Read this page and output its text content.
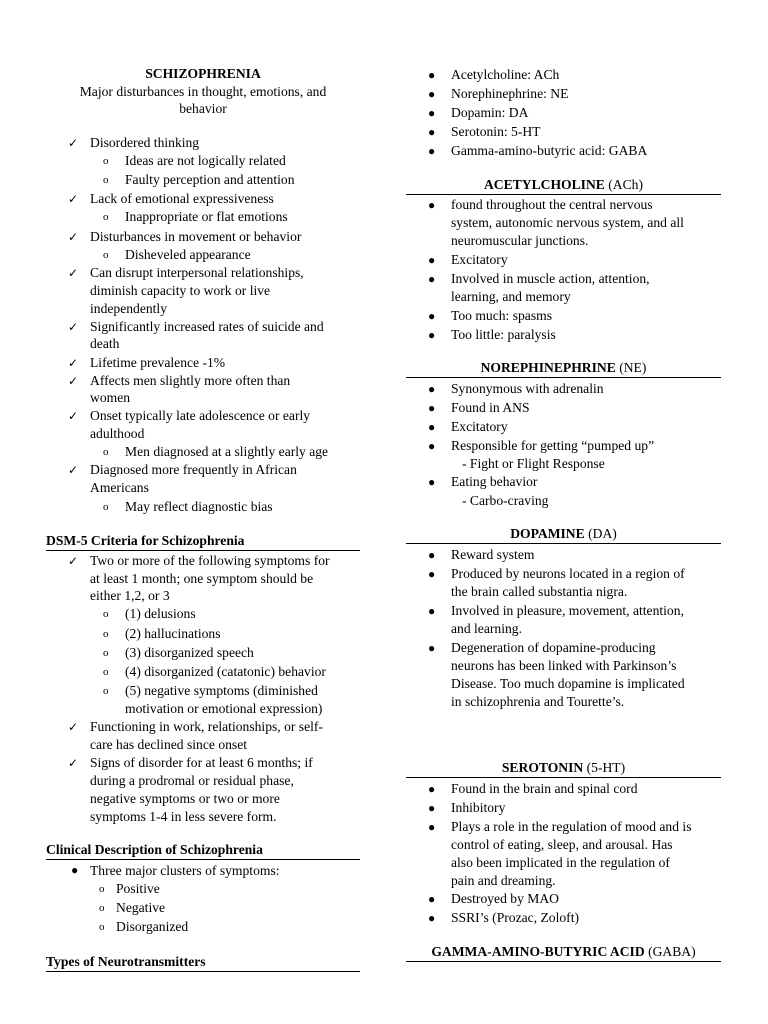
SCHIZOPHRENIA
Major disturbances in thought, emotions, and
behavior
✓ Disordered thinking
o Ideas are not logically related
o Faulty perception and attention
✓ Lack of emotional expressiveness
o Inappropriate or flat emotions
✓ Disturbances in movement or behavior
o Disheveled appearance
✓ Can disrupt interpersonal relationships,
diminish capacity to work or live
independently
✓ Significantly increased rates of suicide and
death
✓ Lifetime prevalence -1%
✓ Affects men slightly more often than
women
✓ Onset typically late adolescence or early
adulthood
o Men diagnosed at a slightly early age
✓ Diagnosed more frequently in African
Americans
o May reflect diagnostic bias
DSM-5 Criteria for Schizophrenia
✓ Two or more of the following symptoms for
at least 1 month; one symptom should be
either 1,2, or 3
o (1) delusions
o (2) hallucinations
o (3) disorganized speech
o (4) disorganized (catatonic) behavior
o (5) negative symptoms (diminished
motivation or emotional expression)
✓ Functioning in work, relationships, or self-
care has declined since onset
✓ Signs of disorder for at least 6 months; if
during a prodromal or residual phase,
negative symptoms or two or more
symptoms 1-4 in less severe form.
Clinical Description of Schizophrenia
● Three major clusters of symptoms:
o Positive
o Negative
o Disorganized
Types of Neurotransmitters
● Acetylcholine: ACh
● Norephinephrine: NE
● Dopamin: DA
● Serotonin: 5-HT
● Gamma-amino-butyric acid: GABA
ACETYLCHOLINE (ACh)
● found throughout the central nervous
system, autonomic nervous system, and all
neuromuscular junctions.
● Excitatory
● Involved in muscle action, attention,
learning, and memory
● Too much: spasms
● Too little: paralysis
NOREPHINEPHRINE (NE)
● Synonymous with adrenalin
● Found in ANS
● Excitatory
● Responsible for getting “pumped up”
- Fight or Flight Response
● Eating behavior
- Carbo-craving
DOPAMINE (DA)
● Reward system
● Produced by neurons located in a region of
the brain called substantia nigra.
● Involved in pleasure, movement, attention,
and learning.
● Degeneration of dopamine-producing
neurons has been linked with Parkinson’s
Disease. Too much dopamine is implicated
in schizophrenia and Tourette’s.
SEROTONIN (5-HT)
● Found in the brain and spinal cord
● Inhibitory
● Plays a role in the regulation of mood and is
control of eating, sleep, and arousal. Has
also been implicated in the regulation of
pain and dreaming.
● Destroyed by MAO
● SSRI’s (Prozac, Zoloft)
GAMMA-AMINO-BUTYRIC ACID (GABA)
